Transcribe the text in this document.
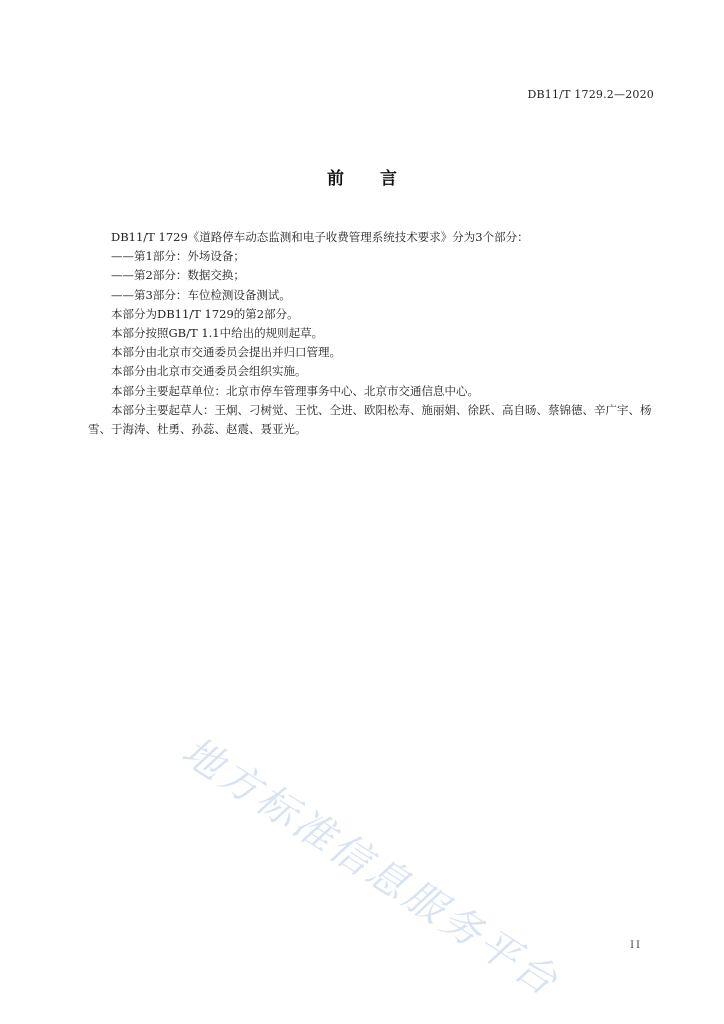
DB11/T 1729.2—2020
前言

DB11/T 1729《道路停车动态监测和电子收费管理系统技术要求》分为3个部分：

——第1部分：外场设备；

——第2部分：数据交换；

——第3部分：车位检测设备测试。

本部分为DB11/T 1729的第2部分。

本部分按照GB/T 1.1中给出的规则起草。

本部分由北京市交通委员会提出并归口管理。

本部分由北京市交通委员会组织实施。

本部分主要起草单位：北京市停车管理事务中心、北京市交通信息中心。

本部分主要起草人：王炯、刁树觉、王忱、仝进、欧阳松寿、施丽娟、徐跃、高自旸、蔡锦德、辛广宇、杨雪、于海涛、杜勇、孙蕊、赵震、聂亚光。

地方标准信息服务平台	II
